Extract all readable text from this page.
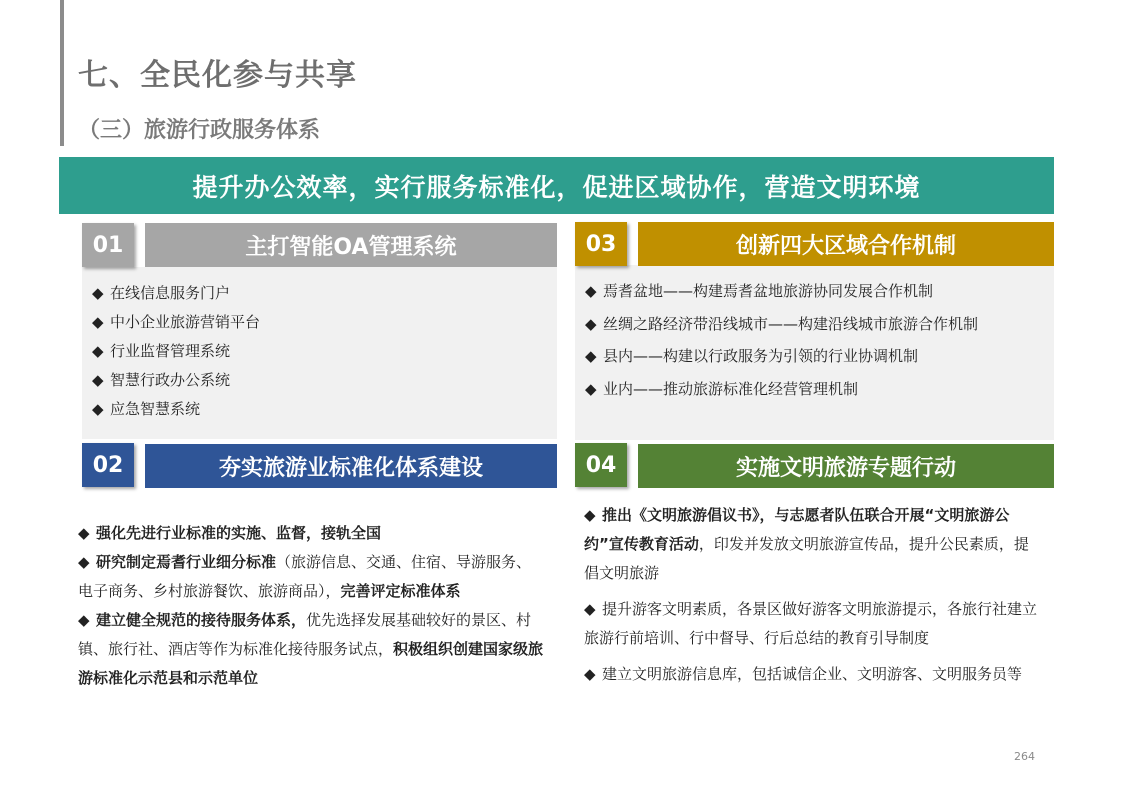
七、全民化参与共享
（三）旅游行政服务体系
提升办公效率，实行服务标准化，促进区域协作，营造文明环境
01	主打智能OA管理系统
◆ 在线信息服务门户
◆ 中小企业旅游营销平台
◆ 行业监督管理系统
◆ 智慧行政办公系统
◆ 应急智慧系统
03	创新四大区域合作机制
◆ 焉耆盆地——构建焉耆盆地旅游协同发展合作机制
◆ 丝绸之路经济带沿线城市——构建沿线城市旅游合作机制
◆ 县内——构建以行政服务为引领的行业协调机制
◆ 业内——推动旅游标准化经营管理机制
02	夯实旅游业标准化体系建设
◆ 强化先进行业标准的实施、监督，接轨全国
◆ 研究制定焉耆行业细分标准（旅游信息、交通、住宿、导游服务、电子商务、乡村旅游餐饮、旅游商品），完善评定标准体系
◆ 建立健全规范的接待服务体系，优先选择发展基础较好的景区、村镇、旅行社、酒店等作为标准化接待服务试点，积极组织创建国家级旅游标准化示范县和示范单位
04	实施文明旅游专题行动
◆ 推出《文明旅游倡议书》，与志愿者队伍联合开展“文明旅游公约”宣传教育活动，印发并发放文明旅游宣传品，提升公民素质，提倡文明旅游
◆ 提升游客文明素质，各景区做好游客文明旅游提示，各旅行社建立旅游行前培训、行中督导、行后总结的教育引导制度
◆ 建立文明旅游信息库，包括诚信企业、文明游客、文明服务员等
264
